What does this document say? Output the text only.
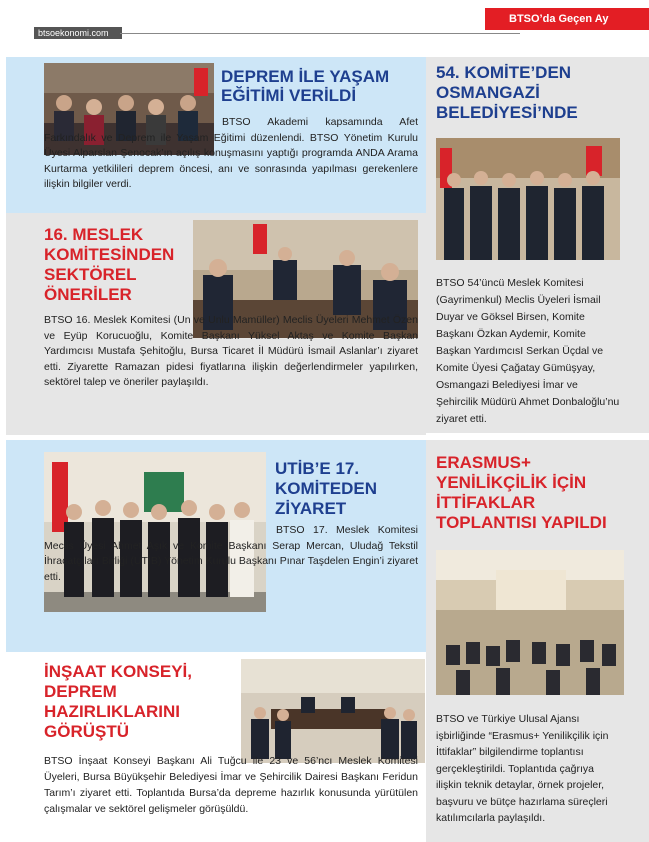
btsoekonomi.com
BTSO’da Geçen Ay
DEPREM İLE YAŞAM EĞİTİMİ VERİLDİ

BTSO Akademi kapsamında Afet Farkındalık ve Deprem ile Yaşam Eğitimi düzenlendi. BTSO Yönetim Kurulu Üyesi Alparslan Şenocak’ın açılış konuşmasını yaptığı programda ANDA Arama Kurtarma yetkilileri deprem öncesi, anı ve sonrasında yapılması gerekenlere ilişkin bilgiler verdi.

54. KOMİTE’DEN OSMANGAZİ BELEDİYESİ’NDE

BTSO 54’üncü Meslek Komitesi (Gayrimenkul) Meclis Üyeleri İsmail Duyar ve Göksel Birsen, Komite Başkanı Özkan Aydemir, Komite Başkan YardımcısI Serkan Üçdal ve Komite Üyesi Çağatay Gümüşyay, Osmangazi Belediyesi İmar ve Şehircilik Müdürü Ahmet Donbaloğlu’nu ziyaret etti.

16. MESLEK KOMİTESİNDEN SEKTÖREL ÖNERİLER

BTSO 16. Meslek Komitesi (Un ve Unlu Mamüller) Meclis Üyeleri Mehmet Özen ve Eyüp Korucuoğlu, Komite Başkanı Yüksel Aktaş ve Komite Başkan Yardımcısı Mustafa Şehitoğlu, Bursa Ticaret İl Müdürü İsmail Aslanlar’ı ziyaret etti. Ziyarette Ramazan pidesi fiyatlarına ilişkin değerlendirmeler yapılırken, sektörel talep ve öneriler paylaşıldı.

UTİB’E 17. KOMİTEDEN ZİYARET

BTSO 17. Meslek Komitesi Meclis Üyesi Ahmet Aşık ve Komite Başkanı Serap Mercan, Uludağ Tekstil İhracatçıları Birliği (UTİB) Yönetim Kurulu Başkanı Pınar Taşdelen Engin’i ziyaret etti.

ERASMUS+ YENİLİKÇİLİK İÇİN İTTİFAKLAR TOPLANTISI YAPILDI

BTSO ve Türkiye Ulusal Ajansı işbirliğinde “Erasmus+ Yenilikçilik için İttifaklar” bilgilendirme toplantısı gerçekleştirildi. Toplantıda çağrıya ilişkin teknik detaylar, örnek projeler, başvuru ve bütçe hazırlama süreçleri katılımcılarla paylaşıldı.

İNŞAAT KONSEYİ, DEPREM HAZIRLIKLARINI GÖRÜŞTÜ

BTSO İnşaat Konseyi Başkanı Ali Tuğcu ile 23 ve 56’ncı Meslek Komitesi Üyeleri, Bursa Büyükşehir Belediyesi İmar ve Şehircilik Dairesi Başkanı Feridun Tarım’ı ziyaret etti. Toplantıda Bursa’da depreme hazırlık konusunda yürütülen çalışmalar ve sektörel gelişmeler görüşüldü.
